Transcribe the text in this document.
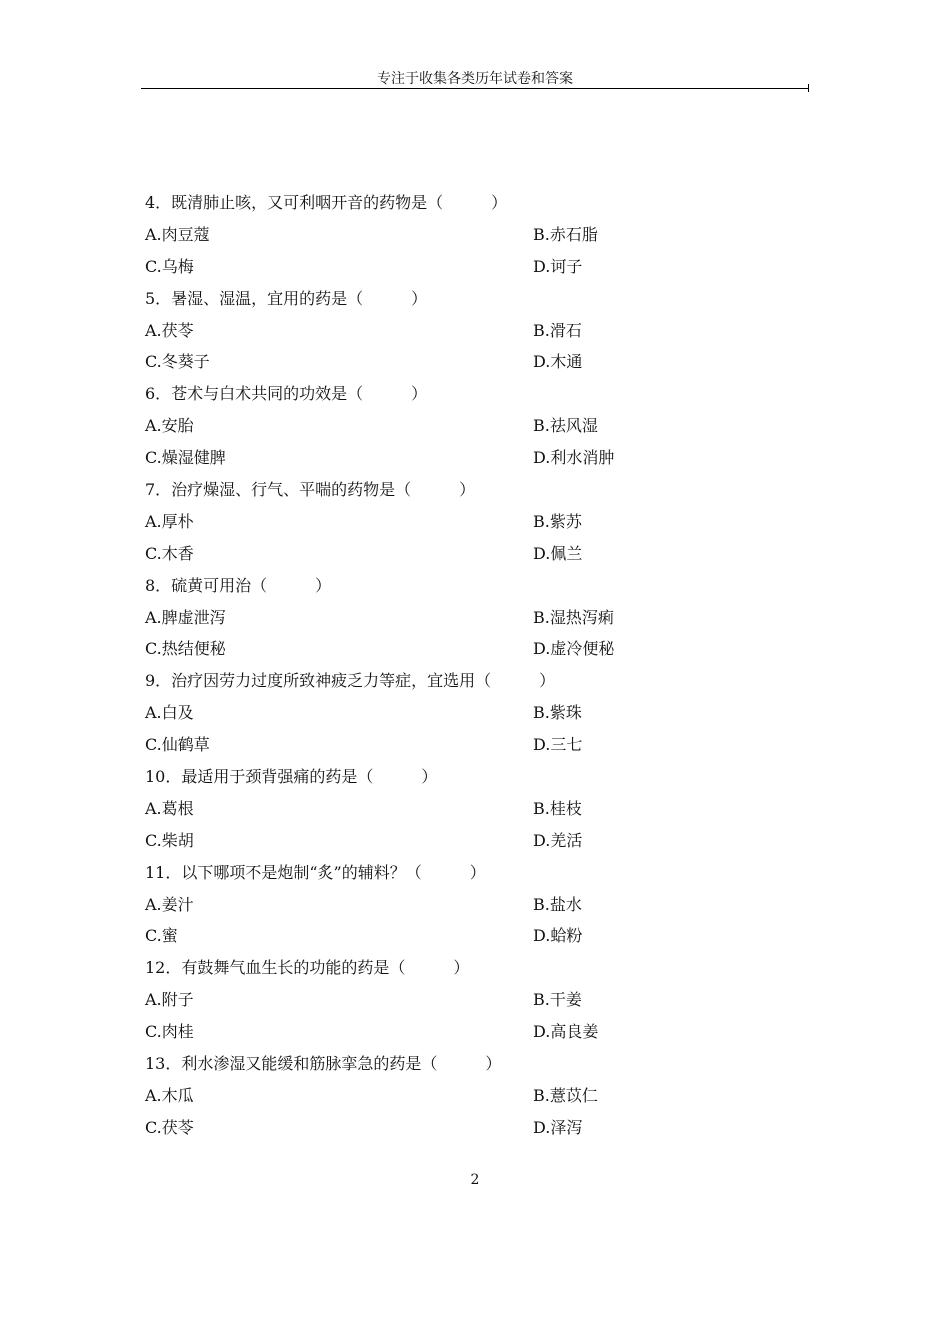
专注于收集各类历年试卷和答案
4．既清肺止咳，又可利咽开音的药物是（　　　）
A.肉豆蔻	B.赤石脂
C.乌梅	D.诃子
5．暑湿、湿温，宜用的药是（　　　）
A.茯苓	B.滑石
C.冬葵子	D.木通
6．苍术与白术共同的功效是（　　　）
A.安胎	B.祛风湿
C.燥湿健脾	D.利水消肿
7．治疗燥湿、行气、平喘的药物是（　　　）
A.厚朴	B.紫苏
C.木香	D.佩兰
8．硫黄可用治（　　　）
A.脾虚泄泻	B.湿热泻痢
C.热结便秘	D.虚冷便秘
9．治疗因劳力过度所致神疲乏力等症，宜选用（　　　）
A.白及	B.紫珠
C.仙鹤草	D.三七
10．最适用于颈背强痛的药是（　　　）
A.葛根	B.桂枝
C.柴胡	D.羌活
11．以下哪项不是炮制“炙”的辅料？（　　　）
A.姜汁	B.盐水
C.蜜	D.蛤粉
12．有鼓舞气血生长的功能的药是（　　　）
A.附子	B.干姜
C.肉桂	D.高良姜
13．利水渗湿又能缓和筋脉挛急的药是（　　　）
A.木瓜	B.薏苡仁
C.茯苓	D.泽泻
2
